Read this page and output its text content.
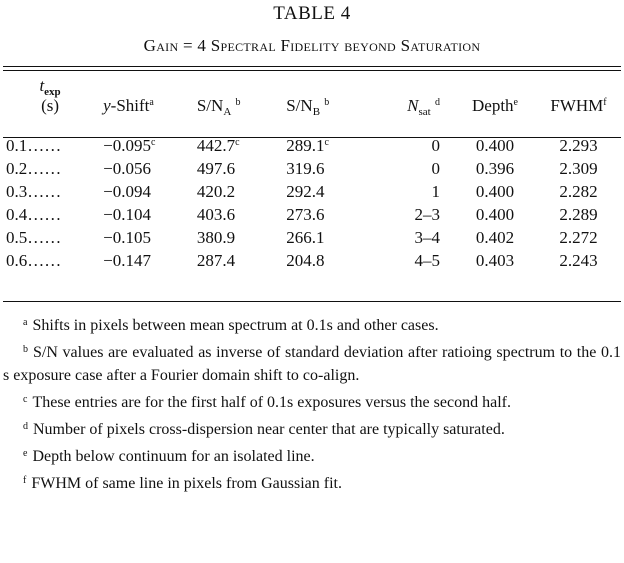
TABLE 4
Gain = 4 Spectral Fidelity beyond Saturation
$t_{exp}$						
(s)	y-Shift$^a$	$S/N_A$ $^b$	$S/N_B$ $^b$	$N_{sat}$ $^d$	Depth$^e$	FWHM$^f$
0.1……	−0.095$^c$	442.7$^c$	289.1$^c$	0	0.400	2.293
0.2……	−0.056	497.6	319.6	0	0.396	2.309
0.3……	−0.094	420.2	292.4	1	0.400	2.282
0.4……	−0.104	403.6	273.6	2–3	0.400	2.289
0.5……	−0.105	380.9	266.1	3–4	0.402	2.272
0.6……	−0.147	287.4	204.8	4–5	0.403	2.243

$^a$ Shifts in pixels between mean spectrum at 0.1s and other cases.

$^b$ S/N values are evaluated as inverse of standard deviation after ratioing spectrum to the 0.1 s exposure case after a Fourier domain shift to co-align.

$^c$ These entries are for the first half of 0.1s exposures versus the second half.

$^d$ Number of pixels cross-dispersion near center that are typically saturated.

$^e$ Depth below continuum for an isolated line.

$^f$ FWHM of same line in pixels from Gaussian fit.
